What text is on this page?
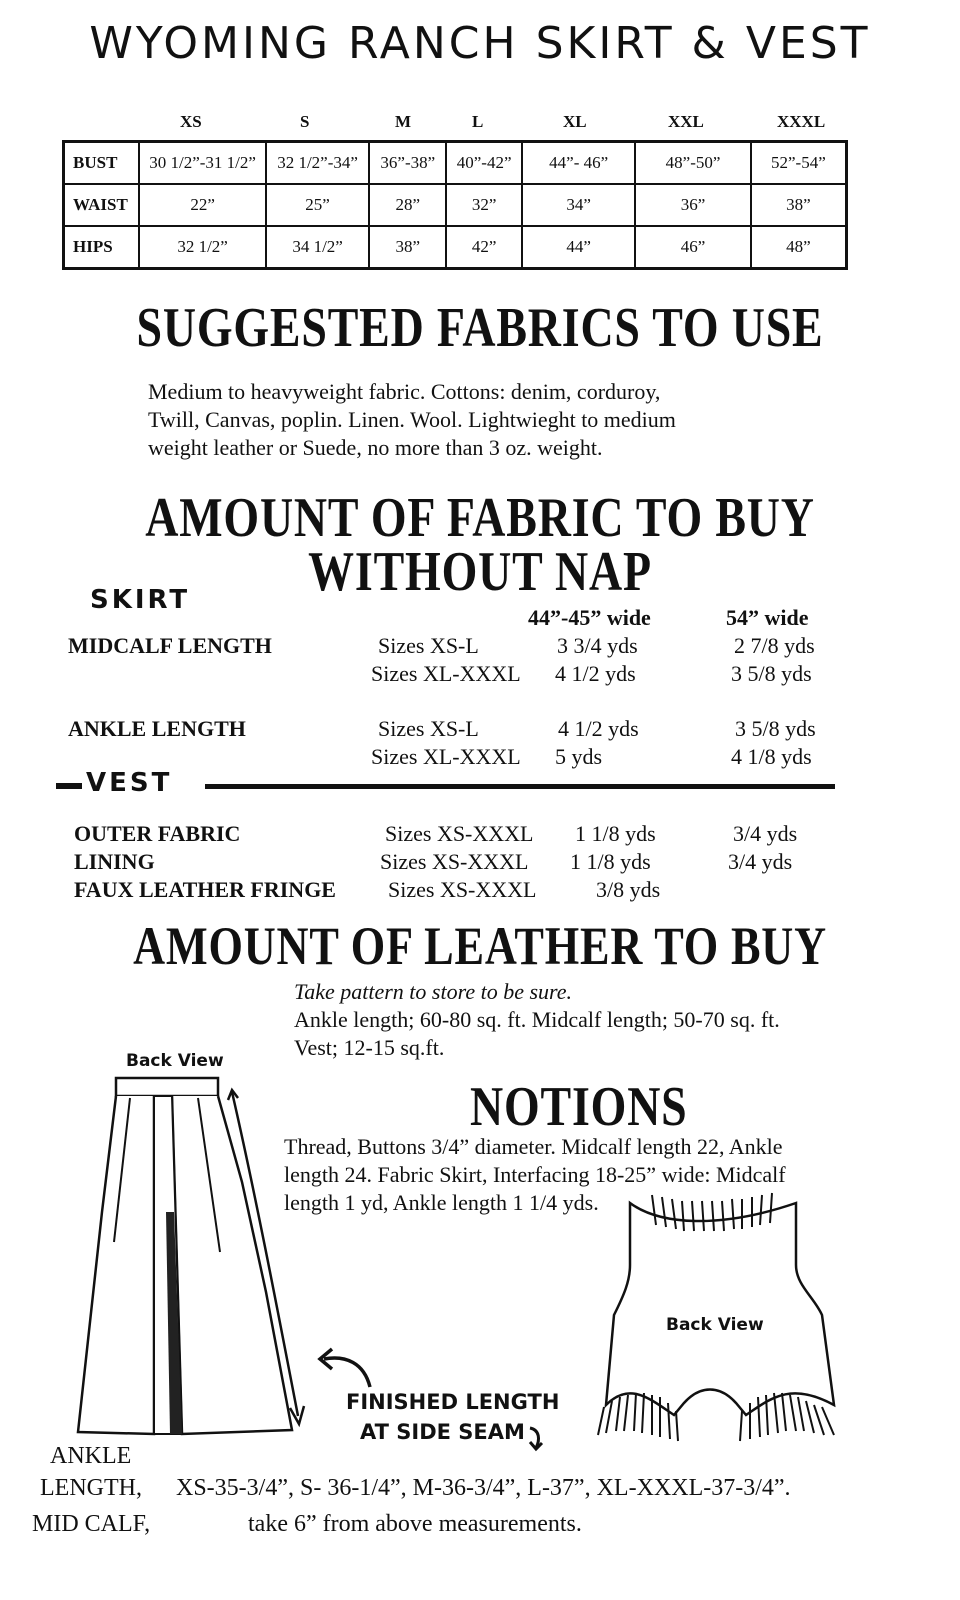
WYOMING RANCH SKIRT & VEST
XS	S	M	L	XL	XXL	XXXL
BUST	30 1/2”-31 1/2”	32 1/2”-34”	36”-38”	40”-42”	44”- 46”	48”-50”	52”-54”
WAIST	22”	25”	28”	32”	34”	36”	38”
HIPS	32 1/2”	34 1/2”	38”	42”	44”	46”	48”
SUGGESTED FABRICS TO USE
Medium to heavyweight fabric. Cottons: denim, corduroy,
Twill, Canvas, poplin. Linen. Wool. Lightwieght to medium
weight leather or Suede, no more than 3 oz. weight.
AMOUNT OF FABRIC TO BUY
WITHOUT NAP
SKIRT
44”-45” wide	54” wide
MIDCALF LENGTH	Sizes XS-L	3 3/4 yds	2 7/8 yds
Sizes XL-XXXL 4 1/2 yds	3 5/8 yds
ANKLE LENGTH	Sizes XS-L	4 1/2 yds	3 5/8 yds
Sizes XL-XXXL 5 yds	4 1/8 yds
VEST
OUTER FABRIC	Sizes XS-XXXL 1 1/8 yds	3/4 yds
LINING	Sizes XS-XXXL 1 1/8 yds	3/4 yds
FAUX LEATHER FRINGE Sizes XS-XXXL	3/8 yds
AMOUNT OF LEATHER TO BUY
Take pattern to store to be sure.
Ankle length; 60-80 sq. ft. Midcalf length; 50-70 sq. ft.
Vest; 12-15 sq.ft.
NOTIONS
Thread, Buttons 3/4” diameter. Midcalf length 22, Ankle
length 24. Fabric Skirt, Interfacing 18-25” wide: Midcalf
length 1 yd, Ankle length 1 1/4 yds.
Back View
FINISHED LENGTH
AT SIDE SEAM
Back View
ANKLE
LENGTH, XS-35-3/4”, S- 36-1/4”, M-36-3/4”, L-37”, XL-XXXL-37-3/4”.
MID CALF,	take 6” from above measurements.
